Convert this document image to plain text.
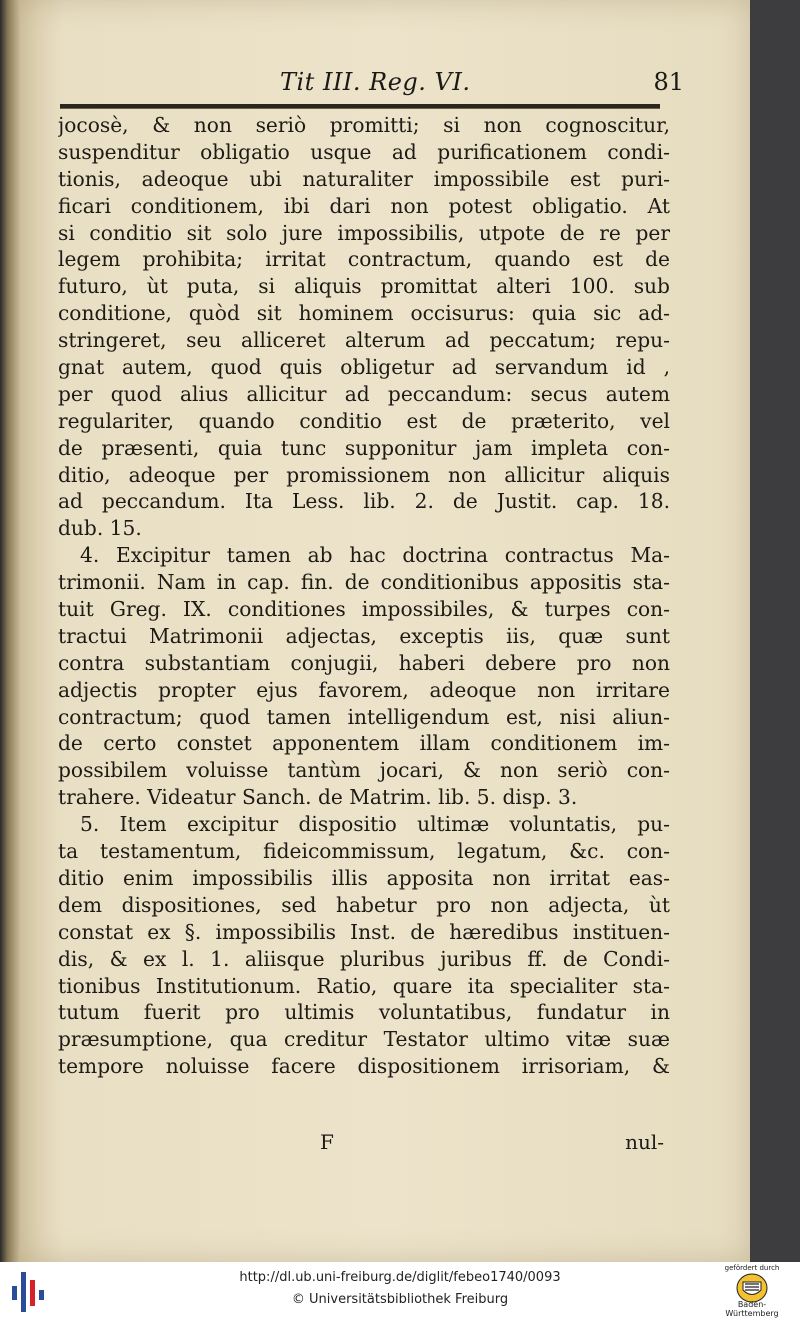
Tit III. Reg. VI.	81
jocosè, & non seriò promitti; si non cognoscitur,
suspenditur obligatio usque ad purificationem condi-
tionis, adeoque ubi naturaliter impossibile est puri-
ficari conditionem, ibi dari non potest obligatio. At
si conditio sit solo jure impossibilis, utpote de re per
legem prohibita; irritat contractum, quando est de
futuro, ùt puta, si aliquis promittat alteri 100. sub
conditione, quòd sit hominem occisurus: quia sic ad-
stringeret, seu alliceret alterum ad peccatum; repu-
gnat autem, quod quis obligetur ad servandum id ,
per quod alius allicitur ad peccandum: secus autem
regulariter, quando conditio est de præterito, vel
de præsenti, quia tunc supponitur jam impleta con-
ditio, adeoque per promissionem non allicitur aliquis
ad peccandum. Ita Less. lib. 2. de Justit. cap. 18.
dub. 15.
4. Excipitur tamen ab hac doctrina contractus Ma-
trimonii. Nam in cap. fin. de conditionibus appositis sta-
tuit Greg. IX. conditiones impossibiles, & turpes con-
tractui Matrimonii adjectas, exceptis iis, quæ sunt
contra substantiam conjugii, haberi debere pro non
adjectis propter ejus favorem, adeoque non irritare
contractum; quod tamen intelligendum est, nisi aliun-
de certo constet apponentem illam conditionem im-
possibilem voluisse tantùm jocari, & non seriò con-
trahere. Videatur Sanch. de Matrim. lib. 5. disp. 3.
5. Item excipitur dispositio ultimæ voluntatis, pu-
ta testamentum, fideicommissum, legatum, &c. con-
ditio enim impossibilis illis apposita non irritat eas-
dem dispositiones, sed habetur pro non adjecta, ùt
constat ex §. impossibilis Inst. de hæredibus instituen-
dis, & ex l. 1. aliisque pluribus juribus ff. de Condi-
tionibus Institutionum. Ratio, quare ita specialiter sta-
tutum fuerit pro ultimis voluntatibus, fundatur in
præsumptione, qua creditur Testator ultimo vitæ suæ
tempore noluisse facere dispositionem irrisoriam, &
F	nul-
http://dl.ub.uni-freiburg.de/diglit/febeo1740/0093
© Universitätsbibliothek Freiburg
gefördert durch
Baden-Württemberg
